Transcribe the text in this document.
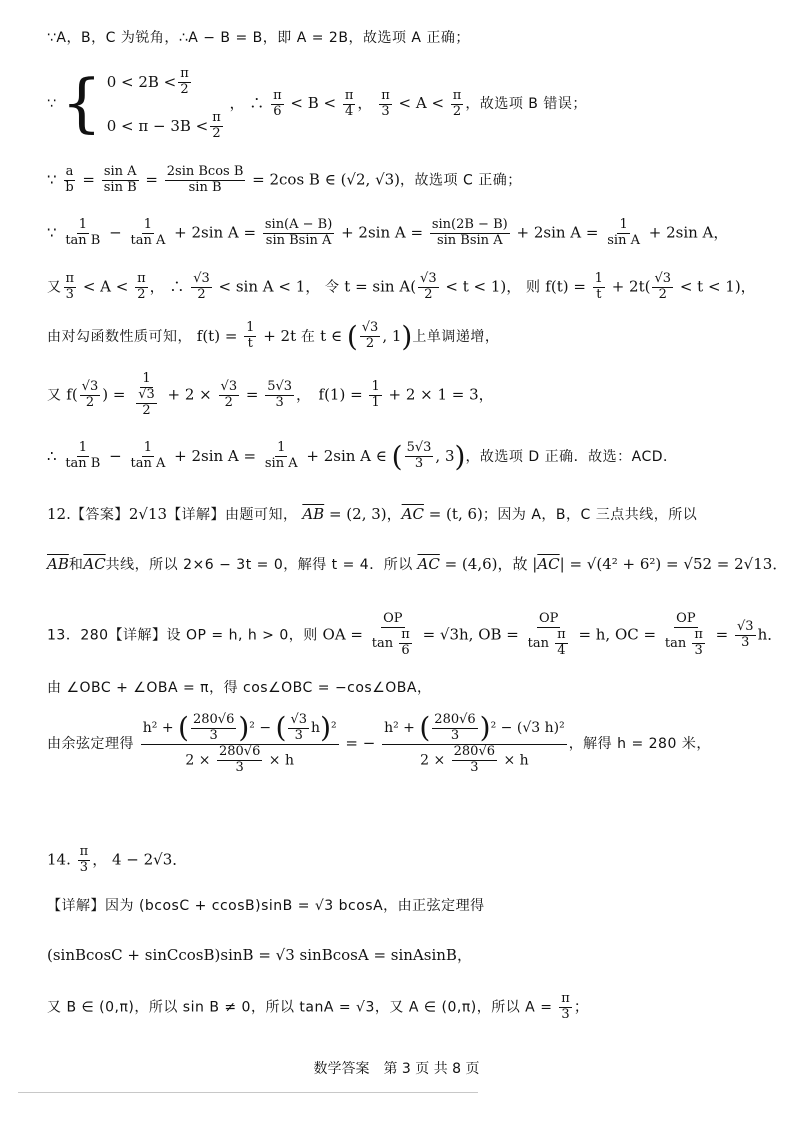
∵A，B，C 为锐角，∴A − B = B，即 A = 2B，故选项 A 正确；
∵ { $0 < 2B < \frac{\pi}{2}$
$0 < \pi - 3B < \frac{\pi}{2}$
， ∴ $\frac{\pi}{6} < B < \frac{\pi}{4}$ ， $\frac{\pi}{3} < A < \frac{\pi}{2}$ ，故选项 B 错误；
∵ $\frac{a}{b} = \frac{\text{sin A}}{\text{sin B}} = \frac{\text{2sin Bcos B}}{\text{sin B}} = 2\cos$ B ∈ (√2, √3)，故选项 C 正确；
∵ $\frac{1}{\text{tan B}} - \frac{1}{\text{tan A}} + 2\sin$ $A = \frac{\sin(A - B)}{\text{sin Bsin A}} + 2\sin$ $A = \frac{\sin(2B - B)}{\text{sin Bsin A}} + 2\sin$ $A = \frac{1}{\text{sin A}} + 2\sin$ A，
又 $\frac{\pi}{3} < A < \frac{\pi}{2}$ ， ∴ $\frac{√3}{2} < \sin A < 1$， 令 $t = \sin A( \frac{√3}{2} < t < 1)$， 则 $f(t) = \frac{1}{t} + 2t( \frac{√3}{2} < t < 1)$，
由对勾函数性质可知， $f(t) = \frac{1}{t} + 2t$ 在 t ∈ ( $\frac{√3}{2}$ , 1)上单调递增，
又 $f( \frac{√3}{2}$ ) = $\frac{1}{\frac{√3}{2}} + 2 \times \frac{√3}{2} = \frac{5√3}{3}$ ，　$f(1) = \frac{1}{1} + 2 \times 1 = 3$，
∴ $\frac{1}{\text{tan B}} - \frac{1}{\text{tan A}} + 2\sin$ $A = \frac{1}{\text{sin A}} + 2\sin$ A ∈ ( $\frac{5√3}{3}$ , 3)，故选项 D 正确．故选：ACD．
12.【答案】2√13【详解】由题可知， $\overline{AB} = (2$, 3)，$\overline{AC} = (t$, 6)；因为 A，B，C 三点共线，所以
$\overline{AB}$和$\overline{AC}$共线，所以 2×6 − 3t = 0，解得 t = 4．所以 $\overline{AC} = (4,6)$，故 $|\overline{AC}| = √(4^2 + 6^2) = √52 = 2√13$．
13．280【详解】设 OP = h, h > 0，则 OA = $\frac{OP}{\tan \frac{\pi}{6}} = √3h$, OB = $\frac{OP}{\tan \frac{\pi}{4}} = h$, OC = $\frac{OP}{\tan \frac{\pi}{3}} = \frac{√3}{3}$ h．
由 ∠OBC + ∠OBA = π，得 cos∠OBC = −cos∠OBA，
由余弦定理得 $\frac{h^2 + ( \frac{280√6}{3} )^2 - ( \frac{√3}{3} h)^2}{2 \times \frac{280√6}{3} \times h}$ = − $\frac{h^2 + ( \frac{280√6}{3} )^2 - (√3 h)^2}{2 \times \frac{280√6}{3} \times h}$ ，解得 h = 280 米，
14. $\frac{\pi}{3}$ ， 4 − 2√3．
【详解】因为 (bcosC + ccosB)sinB = √3 bcosA，由正弦定理得
(sinBcosC + sinCcosB)sinB = √3 sinBcosA = sinAsinB，
又 B ∈ (0,π)，所以 sin B ≠ 0，所以 tanA = √3，又 A ∈ (0,π)，所以 $A = \frac{\pi}{3}$ ；
数学答案　第 3 页 共 8 页
